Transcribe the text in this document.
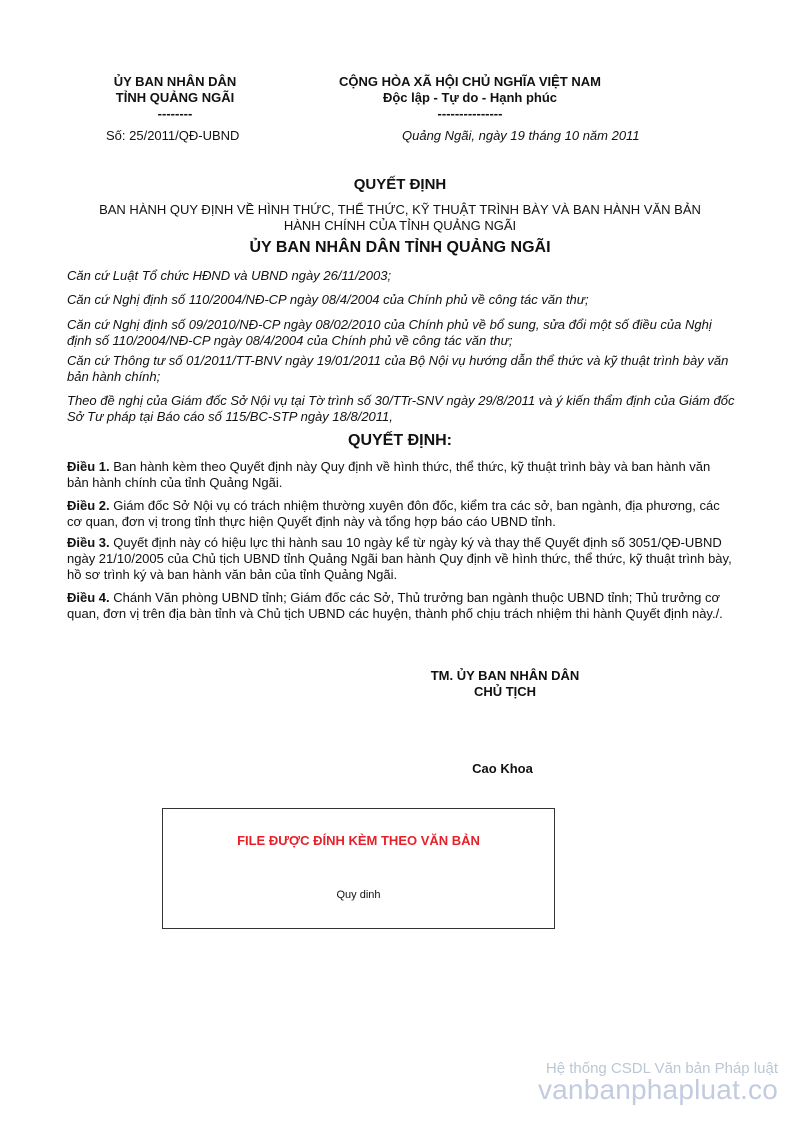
ỦY BAN NHÂN DÂN
TỈNH QUẢNG NGÃI
--------
CỘNG HÒA XÃ HỘI CHỦ NGHĨA VIỆT NAM
Độc lập - Tự do - Hạnh phúc
---------------
Số: 25/2011/QĐ-UBND	Quảng Ngãi, ngày 19 tháng 10 năm 2011
QUYẾT ĐỊNH
BAN HÀNH QUY ĐỊNH VỀ HÌNH THỨC, THỂ THỨC, KỸ THUẬT TRÌNH BÀY VÀ BAN HÀNH VĂN BẢN
HÀNH CHÍNH CỦA TỈNH QUẢNG NGÃI
ỦY BAN NHÂN DÂN TỈNH QUẢNG NGÃI
Căn cứ Luật Tổ chức HĐND và UBND ngày 26/11/2003;
Căn cứ Nghị định số 110/2004/NĐ-CP ngày 08/4/2004 của Chính phủ về công tác văn thư;
Căn cứ Nghị định số 09/2010/NĐ-CP ngày 08/02/2010 của Chính phủ về bổ sung, sửa đổi một số điều của Nghị định số 110/2004/NĐ-CP ngày 08/4/2004 của Chính phủ về công tác văn thư;
Căn cứ Thông tư số 01/2011/TT-BNV ngày 19/01/2011 của Bộ Nội vụ hướng dẫn thể thức và kỹ thuật trình bày văn bản hành chính;
Theo đề nghị của Giám đốc Sở Nội vụ tại Tờ trình số 30/TTr-SNV ngày 29/8/2011 và ý kiến thẩm định của Giám đốc Sở Tư pháp tại Báo cáo số 115/BC-STP ngày 18/8/2011,
QUYẾT ĐỊNH:
Điều 1. Ban hành kèm theo Quyết định này Quy định về hình thức, thể thức, kỹ thuật trình bày và ban hành văn bản hành chính của tỉnh Quảng Ngãi.
Điều 2. Giám đốc Sở Nội vụ có trách nhiệm thường xuyên đôn đốc, kiểm tra các sở, ban ngành, địa phương, các cơ quan, đơn vị trong tỉnh thực hiện Quyết định này và tổng hợp báo cáo UBND tỉnh.
Điều 3. Quyết định này có hiệu lực thi hành sau 10 ngày kể từ ngày ký và thay thế Quyết định số 3051/QĐ-UBND ngày 21/10/2005 của Chủ tịch UBND tỉnh Quảng Ngãi ban hành Quy định về hình thức, thể thức, kỹ thuật trình bày, hồ sơ trình ký và ban hành văn bản của tỉnh Quảng Ngãi.
Điều 4. Chánh Văn phòng UBND tỉnh; Giám đốc các Sở, Thủ trưởng ban ngành thuộc UBND tỉnh; Thủ trưởng cơ quan, đơn vị trên địa bàn tỉnh và Chủ tịch UBND các huyện, thành phố chịu trách nhiệm thi hành Quyết định này./.
TM. ỦY BAN NHÂN DÂN
CHỦ TỊCH
Cao Khoa
FILE ĐƯỢC ĐÍNH KÈM THEO VĂN BẢN
Quy dinh
Hệ thống CSDL Văn bản Pháp luật
vanbanphapluat.co
